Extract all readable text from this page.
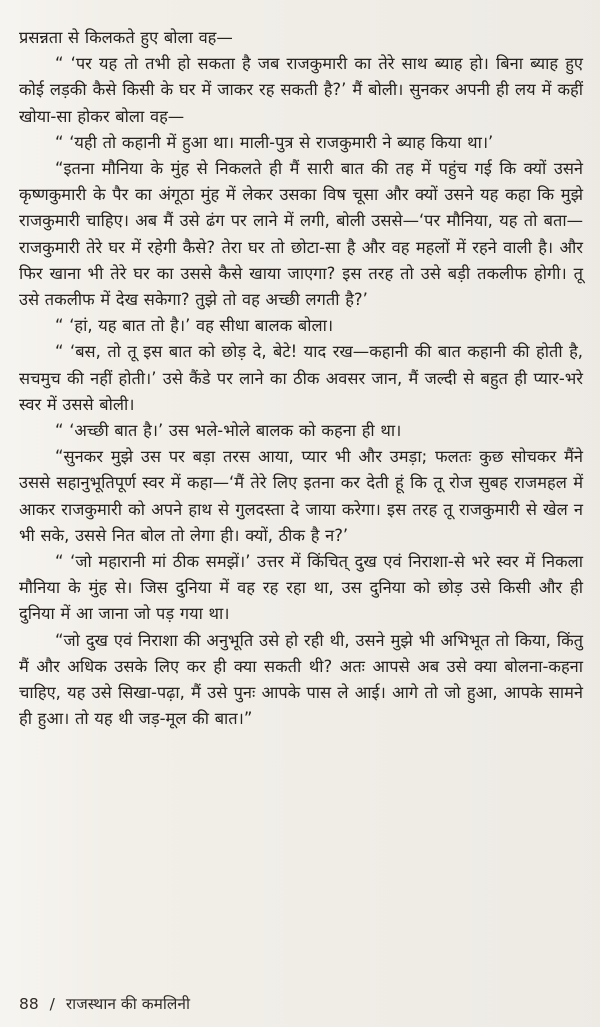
प्रसन्नता से किलकते हुए बोला वह—

“ ‘पर यह तो तभी हो सकता है जब राजकुमारी का तेरे साथ ब्याह हो। बिना ब्याह हुए कोई लड़की कैसे किसी के घर में जाकर रह सकती है?’ मैं बोली। सुनकर अपनी ही लय में कहीं खोया-सा होकर बोला वह—

“ ‘यही तो कहानी में हुआ था। माली-पुत्र से राजकुमारी ने ब्याह किया था।’

“इतना मौनिया के मुंह से निकलते ही मैं सारी बात की तह में पहुंच गई कि क्यों उसने कृष्णकुमारी के पैर का अंगूठा मुंह में लेकर उसका विष चूसा और क्यों उसने यह कहा कि मुझे राजकुमारी चाहिए। अब मैं उसे ढंग पर लाने में लगी, बोली उससे—‘पर मौनिया, यह तो बता—राजकुमारी तेरे घर में रहेगी कैसे? तेरा घर तो छोटा-सा है और वह महलों में रहने वाली है। और फिर खाना भी तेरे घर का उससे कैसे खाया जाएगा? इस तरह तो उसे बड़ी तकलीफ होगी। तू उसे तकलीफ में देख सकेगा? तुझे तो वह अच्छी लगती है?’

“ ‘हां, यह बात तो है।’ वह सीधा बालक बोला।

“ ‘बस, तो तू इस बात को छोड़ दे, बेटे! याद रख—कहानी की बात कहानी की होती है, सचमुच की नहीं होती।’ उसे कैंडे पर लाने का ठीक अवसर जान, मैं जल्दी से बहुत ही प्यार-भरे स्वर में उससे बोली।

“ ‘अच्छी बात है।’ उस भले-भोले बालक को कहना ही था।

“सुनकर मुझे उस पर बड़ा तरस आया, प्यार भी और उमड़ा; फलतः कुछ सोचकर मैंने उससे सहानुभूतिपूर्ण स्वर में कहा—‘मैं तेरे लिए इतना कर देती हूं कि तू रोज सुबह राजमहल में आकर राजकुमारी को अपने हाथ से गुलदस्ता दे जाया करेगा। इस तरह तू राजकुमारी से खेल न भी सके, उससे नित बोल तो लेगा ही। क्यों, ठीक है न?’

“ ‘जो महारानी मां ठीक समझें।’ उत्तर में किंचित् दुख एवं निराशा-से भरे स्वर में निकला मौनिया के मुंह से। जिस दुनिया में वह रह रहा था, उस दुनिया को छोड़ उसे किसी और ही दुनिया में आ जाना जो पड़ गया था।

“जो दुख एवं निराशा की अनुभूति उसे हो रही थी, उसने मुझे भी अभिभूत तो किया, किंतु मैं और अधिक उसके लिए कर ही क्या सकती थी? अतः आपसे अब उसे क्या बोलना-कहना चाहिए, यह उसे सिखा-पढ़ा, मैं उसे पुनः आपके पास ले आई। आगे तो जो हुआ, आपके सामने ही हुआ। तो यह थी जड़-मूल की बात।”

88 / राजस्थान की कमलिनी
